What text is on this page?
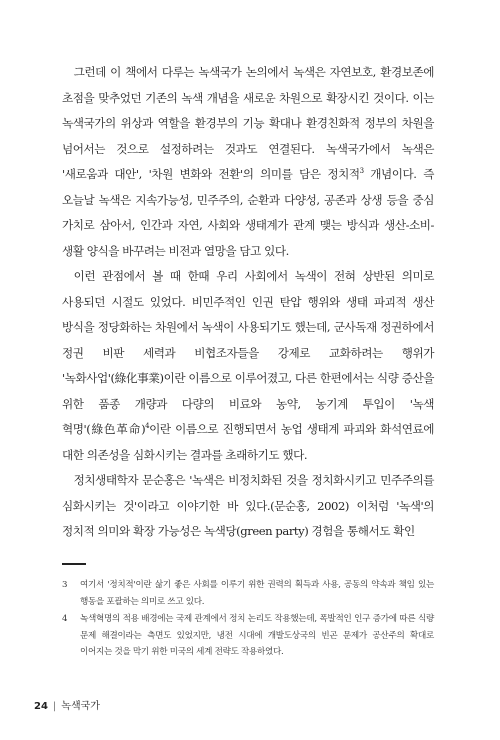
그런데 이 책에서 다루는 녹색국가 논의에서 녹색은 자연보호, 환경보존에 초점을 맞추었던 기존의 녹색 개념을 새로운 차원으로 확장시킨 것이다. 이는 녹색국가의 위상과 역할을 환경부의 기능 확대나 환경친화적 정부의 차원을 넘어서는 것으로 설정하려는 것과도 연결된다. 녹색국가에서 녹색은 '새로움과 대안', '차원 변화와 전환'의 의미를 담은 정치적$^3$ 개념이다. 즉 오늘날 녹색은 지속가능성, 민주주의, 순환과 다양성, 공존과 상생 등을 중심 가치로 삼아서, 인간과 자연, 사회와 생태계가 관계 맺는 방식과 생산-소비-생활 양식을 바꾸려는 비전과 열망을 담고 있다.

이런 관점에서 볼 때 한때 우리 사회에서 녹색이 전혀 상반된 의미로 사용되던 시절도 있었다. 비민주적인 인권 탄압 행위와 생태 파괴적 생산 방식을 정당화하는 차원에서 녹색이 사용되기도 했는데, 군사독재 정권하에서 정권 비판 세력과 비협조자들을 강제로 교화하려는 행위가 '녹화사업'(綠化事業)이란 이름으로 이루어졌고, 다른 한편에서는 식량 증산을 위한 품종 개량과 다량의 비료와 농약, 농기계 투입이 '녹색 혁명'(綠色革命)$^4$이란 이름으로 진행되면서 농업 생태계 파괴와 화석연료에 대한 의존성을 심화시키는 결과를 초래하기도 했다.

정치생태학자 문순홍은 '녹색은 비정치화된 것을 정치화시키고 민주주의를 심화시키는 것'이라고 이야기한 바 있다.(문순홍, 2002) 이처럼 '녹색'의 정치적 의미와 확장 가능성은 녹색당(green party) 경험을 통해서도 확인

3 여기서 '정치적'이란 삶기 좋은 사회를 이루기 위한 권력의 획득과 사용, 공동의 약속과 책임 있는 행동을 포괄하는 의미로 쓰고 있다.
4 녹색혁명의 적용 배경에는 국제 관계에서 정치 논리도 작용했는데, 폭발적인 인구 증가에 따른 식량 문제 해결이라는 측면도 있었지만, 냉전 시대에 개발도상국의 빈곤 문제가 공산주의 확대로 이어지는 것을 막기 위한 미국의 세계 전략도 작용하였다.
24 | 녹색국가
